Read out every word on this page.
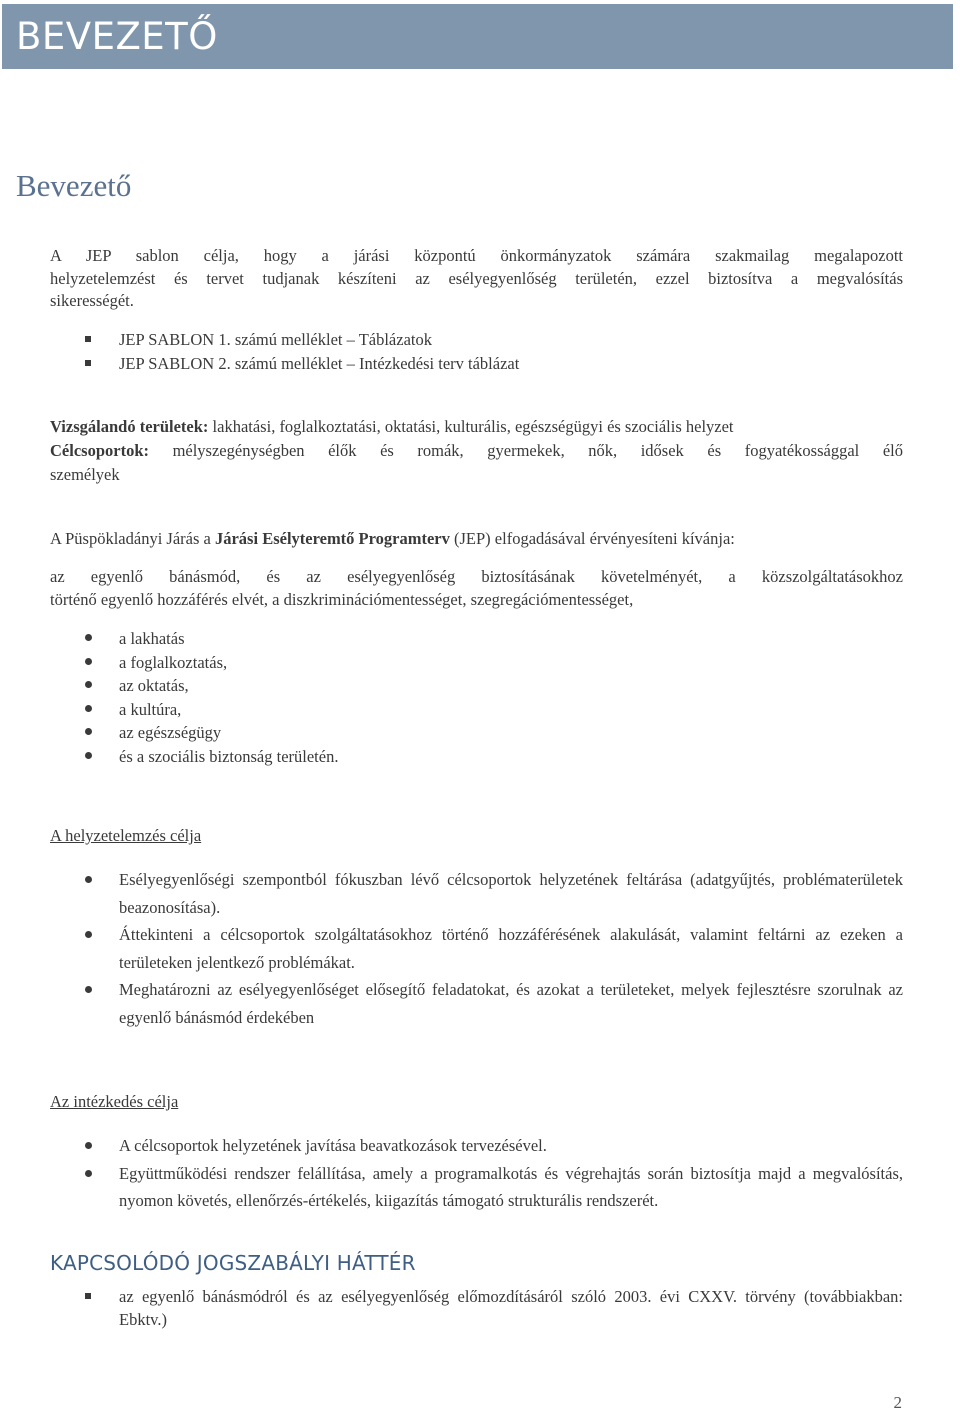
BEVEZETŐ
Bevezető
A JEP sablon célja, hogy a járási központú önkormányzatok számára szakmailag megalapozott
helyzetelemzést és tervet tudjanak készíteni az esélyegyenlőség területén, ezzel biztosítva a megvalósítás
sikerességét.
JEP SABLON 1. számú melléklet – Táblázatok
JEP SABLON 2. számú melléklet – Intézkedési terv táblázat
Vizsgálandó területek: lakhatási, foglalkoztatási, oktatási, kulturális, egészségügyi és szociális helyzet
Célcsoportok: mélyszegénységben élők és romák, gyermekek, nők, idősek és fogyatékossággal élő
személyek
A Püspökladányi Járás a Járási Esélyteremtő Programterv (JEP) elfogadásával érvényesíteni kívánja:
az egyenlő bánásmód, és az esélyegyenlőség biztosításának követelményét, a közszolgáltatásokhoz
történő egyenlő hozzáférés elvét, a diszkriminációmentességet, szegregációmentességet,
a lakhatás
a foglalkoztatás,
az oktatás,
a kultúra,
az egészségügy
és a szociális biztonság területén.
A helyzetelemzés célja
Esélyegyenlőségi szempontból fókuszban lévő célcsoportok helyzetének feltárása (adatgyűjtés, problématerületek beazonosítása).
Áttekinteni a célcsoportok szolgáltatásokhoz történő hozzáférésének alakulását, valamint feltárni az ezeken a területeken jelentkező problémákat.
Meghatározni az esélyegyenlőséget elősegítő feladatokat, és azokat a területeket, melyek fejlesztésre szorulnak az egyenlő bánásmód érdekében
Az intézkedés célja
A célcsoportok helyzetének javítása beavatkozások tervezésével.
Együttműködési rendszer felállítása, amely a programalkotás és végrehajtás során biztosítja majd a megvalósítás, nyomon követés, ellenőrzés-értékelés, kiigazítás támogató strukturális rendszerét.
KAPCSOLÓDÓ JOGSZABÁLYI HÁTTÉR
az egyenlő bánásmódról és az esélyegyenlőség előmozdításáról szóló 2003. évi CXXV. törvény (továbbiakban: Ebktv.)
2
